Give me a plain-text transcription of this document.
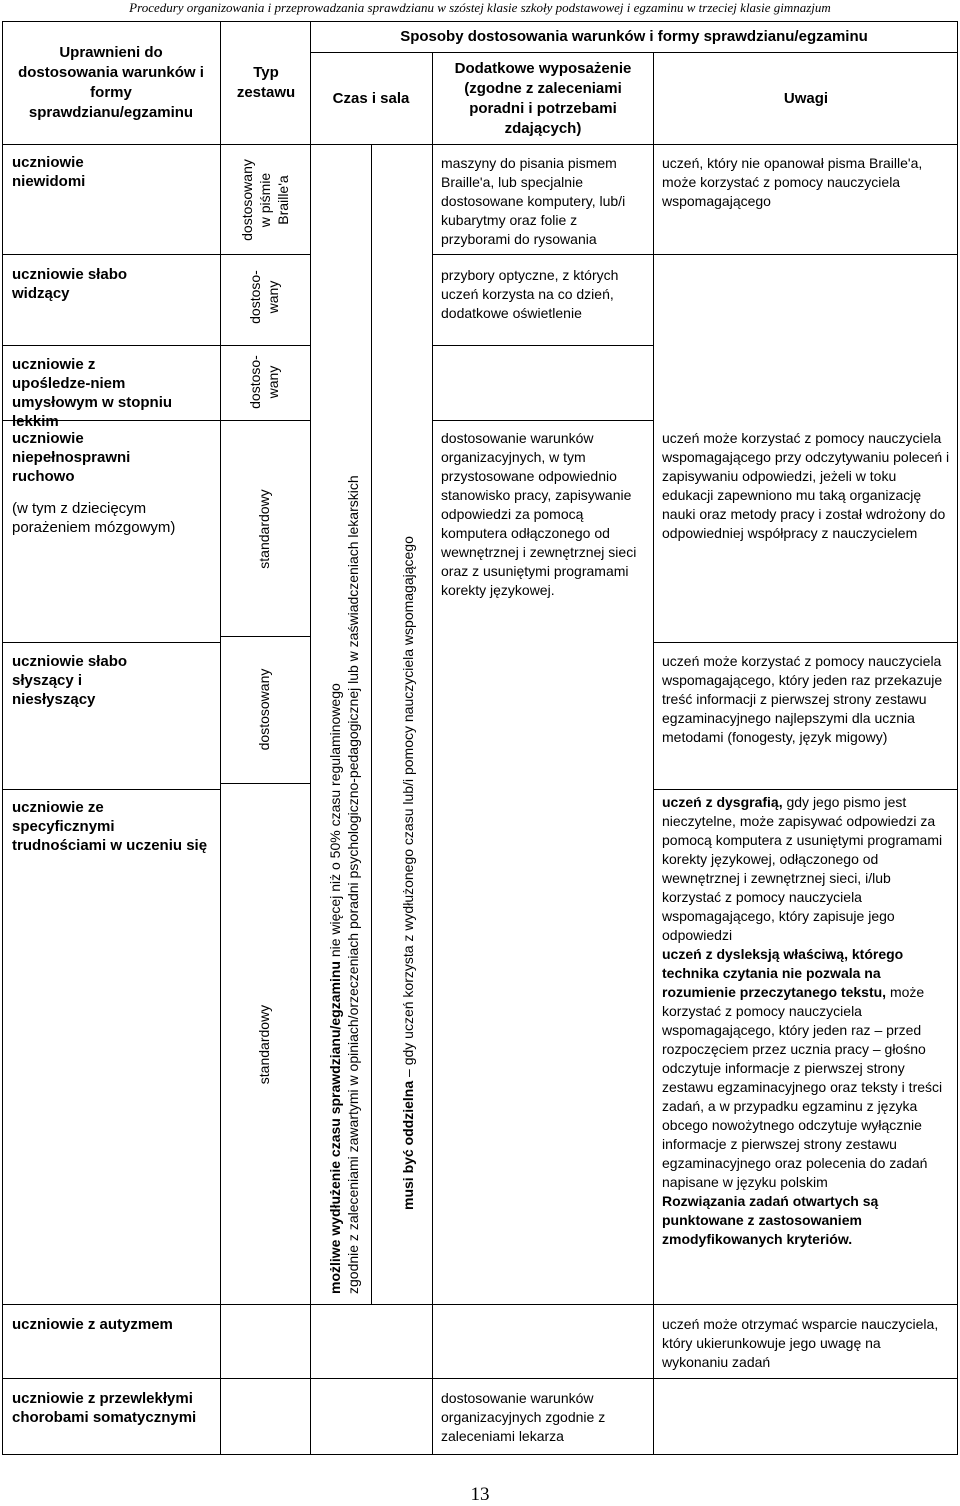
Procedury organizowania i przeprowadzania sprawdzianu w szóstej klasie szkoły podstawowej i egzaminu w trzeciej klasie gimnazjum
Uprawnieni do dostosowania warunków i formy sprawdzianu/egzaminu
Typ zestawu
Sposoby dostosowania warunków i formy sprawdzianu/egzaminu
Czas i sala
Dodatkowe wyposażenie (zgodne z zaleceniami poradni i potrzebami zdających)
Uwagi
uczniowie niewidomi
uczniowie słabo widzący
uczniowie z upośledze-niem umysłowym w stopniu lekkim
uczniowie niepełnosprawni ruchowo
(w tym z dziecięcym porażeniem mózgowym)
uczniowie słabo słyszący i niesłyszący
uczniowie ze specyficznymi trudnościami w uczeniu się
uczniowie z autyzmem
uczniowie z przewlekłymi chorobami somatycznymi
dostosowany w piśmie Braille'a
dostoso-wany
dostoso-wany
standardowy
dostosowany
standardowy	możliwe wydłużenie czasu sprawdzianu/egzaminu nie więcej niż o 50% czasu regulaminowego zgodnie z zaleceniami zawartymi w opiniach/orzeczeniach poradni psychologiczno-pedagogicznej lub w zaświadczeniach lekarskich	musi być oddzielna – gdy uczeń korzysta z wydłużonego czasu lub/i pomocy nauczyciela wspomagającego
maszyny do pisania pismem Braille'a, lub specjalnie dostosowane komputery, lub/i kubarytmy oraz folie z przyborami do rysowania
przybory optyczne, z których uczeń korzysta na co dzień, dodatkowe oświetlenie
dostosowanie warunków organizacyjnych, w tym przystosowane odpowiednio stanowisko pracy, zapisywanie odpowiedzi za pomocą komputera odłączonego od wewnętrznej i zewnętrznej sieci oraz z usuniętymi programami korekty językowej.
dostosowanie warunków organizacyjnych zgodnie z zaleceniami lekarza
uczeń, który nie opanował pisma Braille'a, może korzystać z pomocy nauczyciela wspomagającego
uczeń może korzystać z pomocy nauczyciela wspomagającego przy odczytywaniu poleceń i zapisywaniu odpowiedzi, jeżeli w toku edukacji zapewniono mu taką organizację nauki oraz metody pracy i został wdrożony do odpowiedniej współpracy z nauczycielem
uczeń może korzystać z pomocy nauczyciela wspomagającego, który jeden raz przekazuje treść informacji z pierwszej strony zestawu egzaminacyjnego najlepszymi dla ucznia metodami (fonogesty, język migowy)
uczeń z dysgrafią, gdy jego pismo jest nieczytelne, może zapisywać odpowiedzi za pomocą komputera z usuniętymi programami korekty językowej, odłączonego od wewnętrznej i zewnętrznej sieci, i/lub korzystać z pomocy nauczyciela wspomagającego, który zapisuje jego odpowiedzi
uczeń z dysleksją właściwą, którego technika czytania nie pozwala na rozumienie przeczytanego tekstu, może korzystać z pomocy nauczyciela wspomagającego, który jeden raz – przed rozpoczęciem przez ucznia pracy – głośno odczytuje informacje z pierwszej strony zestawu egzaminacyjnego oraz teksty i treści zadań, a w przypadku egzaminu z języka obcego nowożytnego odczytuje wyłącznie informacje z pierwszej strony zestawu egzaminacyjnego oraz polecenia do zadań napisane w języku polskim
Rozwiązania zadań otwartych są punktowane z zastosowaniem zmodyfikowanych kryteriów.
uczeń może otrzymać wsparcie nauczyciela, który ukierunkowuje jego uwagę na wykonaniu zadań
13
